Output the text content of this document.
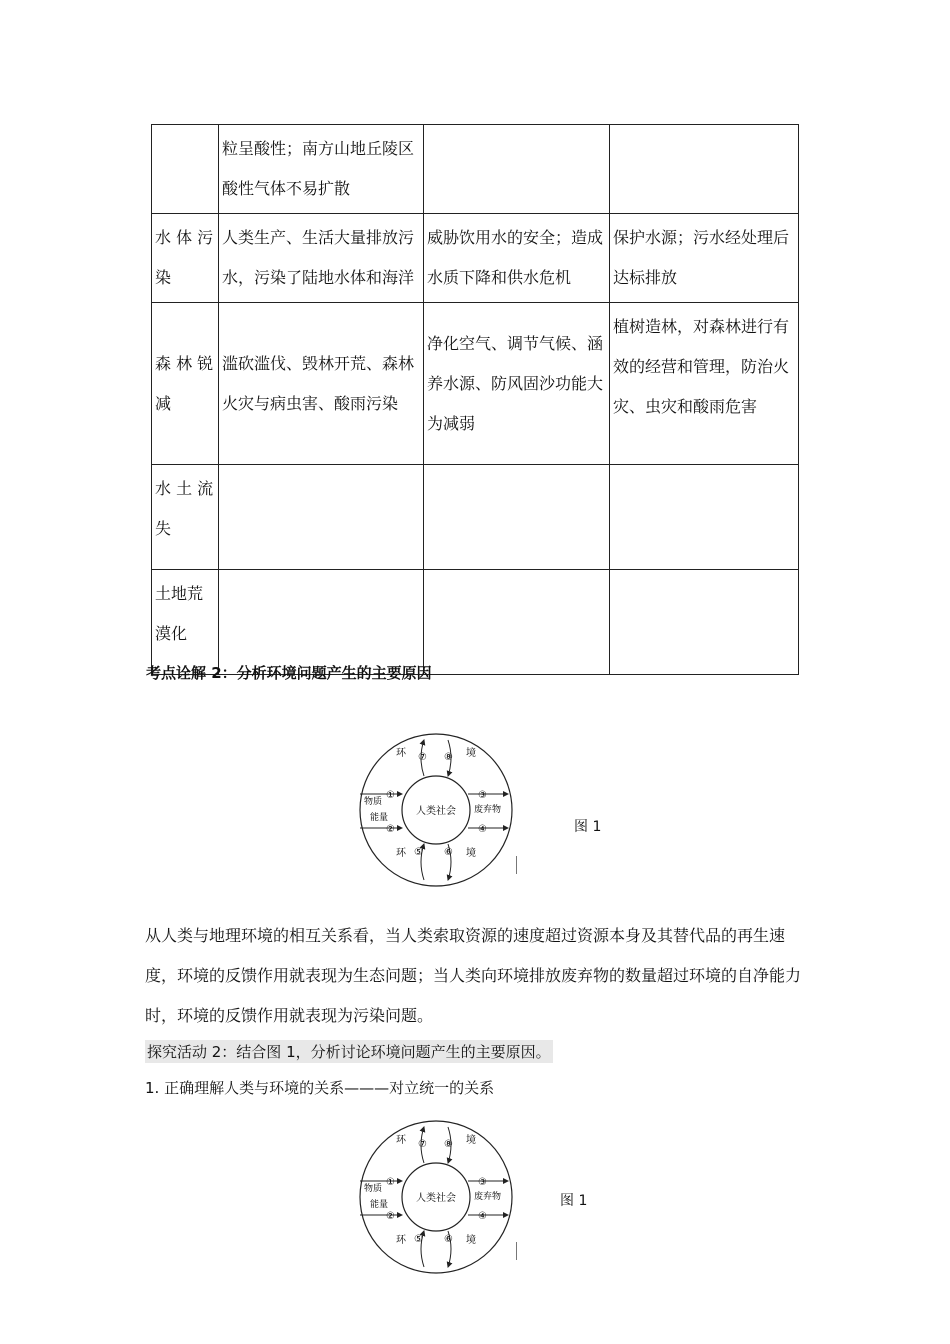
	粒呈酸性；南方山地丘陵区酸性气体不易扩散		
水 体 污染	人类生产、生活大量排放污水，污染了陆地水体和海洋	威胁饮用水的安全；造成水质下降和供水危机	保护水源；污水经处理后达标排放
森 林 锐减	滥砍滥伐、毁林开荒、森林火灾与病虫害、酸雨污染	净化空气、调节气候、涵养水源、防风固沙功能大为减弱	植树造林，对森林进行有效的经营和管理，防治火灾、虫灾和酸雨危害
水 土 流失			
土地荒漠化			
考点诠解 2：分析环境问题产生的主要原因
环	境
环	境
人类社会
物质
能量
废弃物
①
②
③
④
⑦ ⑧
⑤ ⑥
图 1
从人类与地理环境的相互关系看，当人类索取资源的速度超过资源本身及其替代品的再生速度，环境的反馈作用就表现为生态问题；当人类向环境排放废弃物的数量超过环境的自净能力时，环境的反馈作用就表现为污染问题。
探究活动 2：结合图 1，分析讨论环境问题产生的主要原因。
1. 正确理解人类与环境的关系———对立统一的关系
环	境
环	境
人类社会
物质
能量
废弃物
①
②
③
④
⑦ ⑧
⑤ ⑥
图 1
